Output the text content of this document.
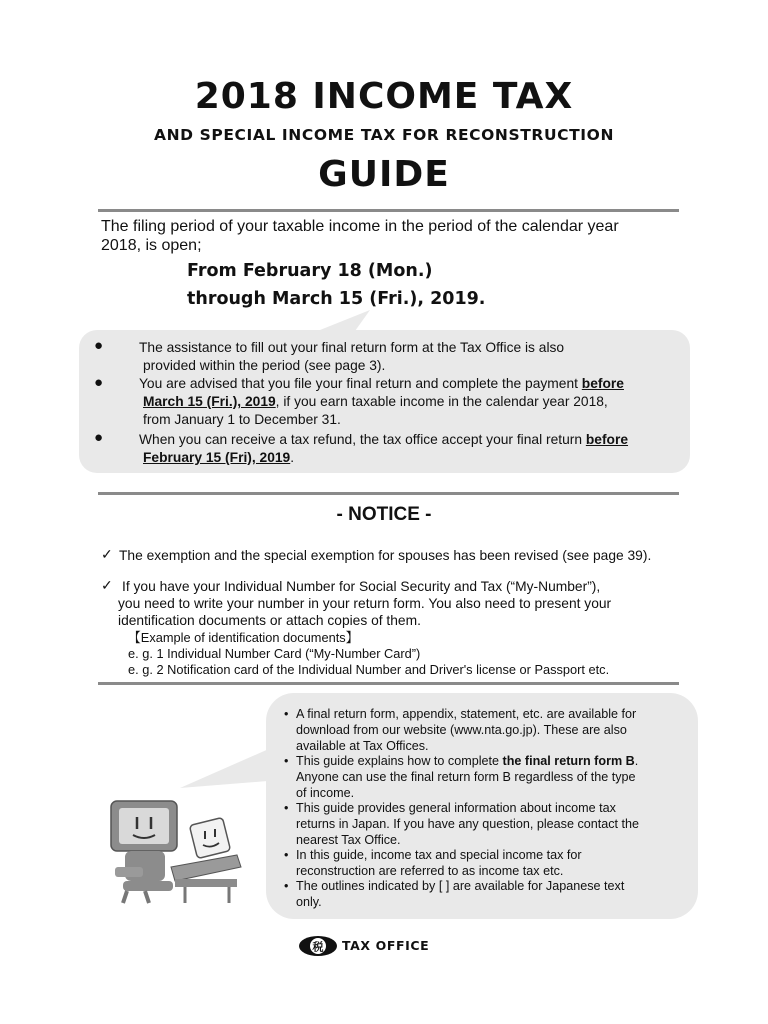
2018 INCOME TAX
AND SPECIAL INCOME TAX FOR RECONSTRUCTION
GUIDE
The filing period of your taxable income in the period of the calendar year
2018, is open;
From February 18 (Mon.)
through March 15 (Fri.), 2019.
●	The assistance to fill out your final return form at the Tax Office is also
provided within the period (see page 3).
●	You are advised that you file your final return and complete the payment before
March 15 (Fri.), 2019, if you earn taxable income in the calendar year 2018,
from January 1 to December 31.
●	When you can receive a tax refund, the tax office accept your final return before
February 15 (Fri), 2019.
- NOTICE -
✓ The exemption and the special exemption for spouses has been revised (see page 39).
✓ If you have your Individual Number for Social Security and Tax (“My-Number”),
you need to write your number in your return form. You also need to present your
identification documents or attach copies of them.
【Example of identification documents】
e. g. 1 Individual Number Card (“My-Number Card”)
e. g. 2 Notification card of the Individual Number and Driver's license or Passport etc.
• A final return form, appendix, statement, etc. are available for
download from our website (www.nta.go.jp). These are also
available at Tax Offices.
• This guide explains how to complete the final return form B.
Anyone can use the final return form B regardless of the type
of income.
• This guide provides general information about income tax
returns in Japan. If you have any question, please contact the
nearest Tax Office.
• In this guide, income tax and special income tax for
reconstruction are referred to as income tax etc.
• The outlines indicated by [ ] are available for Japanese text
only.
税 TAX OFFICE
